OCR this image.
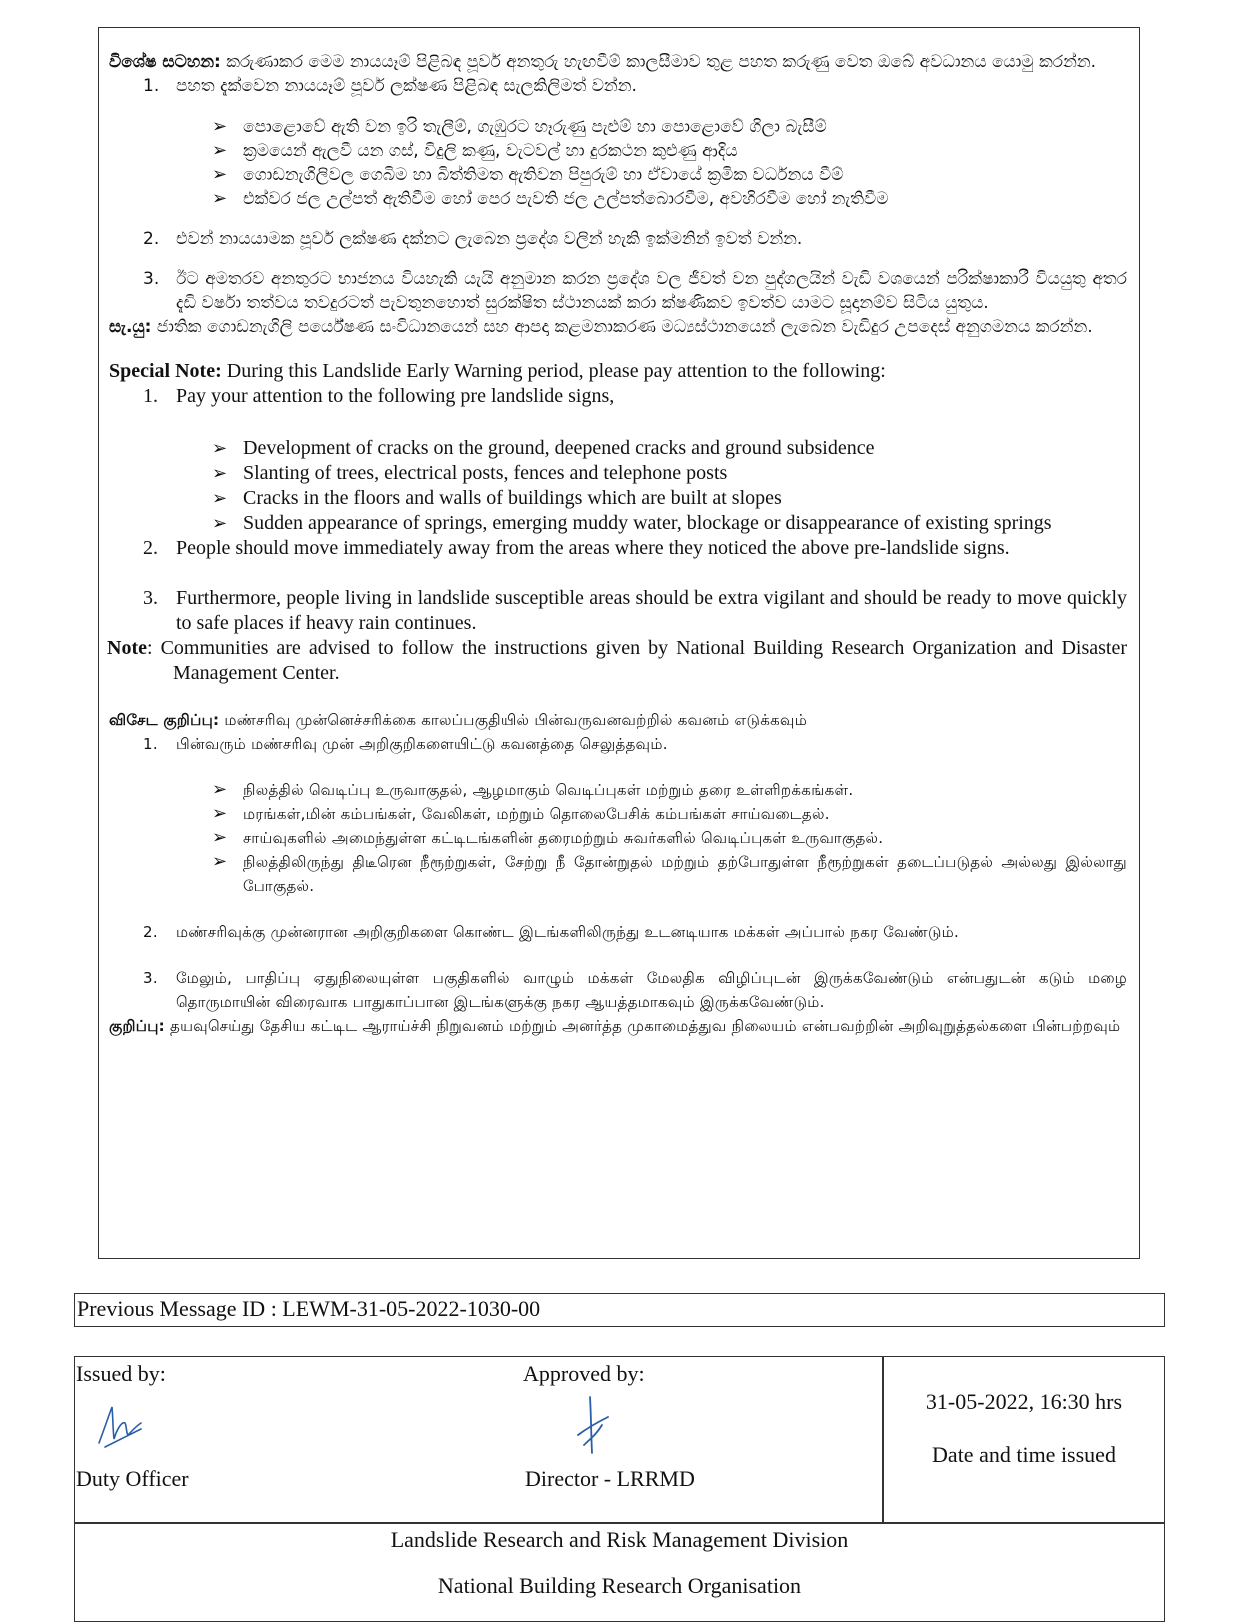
විශේෂ සටහන: කරුණාකර මෙම නායයෑම් පිළිබඳ පූර්ව අනතුරු හැඟවීම් කාලසීමාව තුළ පහත කරුණු වෙත ඔබේ අවධානය යොමු කරන්න.
1. පහත දැක්වෙන නායයෑම් පූර්ව ලක්ෂණ පිළිබඳ සැලකිලිමත් වන්න.
➢ පොළොවේ ඇති වන ඉරි තැලීම්, ගැඹුරට හෑරුණු පැළුම් හා පොළොවේ ගිලා බැසීම්
➢ ක්‍රමයෙන් ඇලවී යන ගස්, විදුලි කණු, වැටවල් හා දුරකථන කුළුණු ආදිය
➢ ගොඩනැගිලිවල ගෙබිම හා බිත්තිමත ඇතිවන පිපුරුම් හා ඒවායේ ක්‍රමික වර්ධනය වීම්
➢ එක්වර ජල උල්පත් ඇතිවීම හෝ පෙර පැවති ජල උල්පත්බොරවීම, අවහිරවීම හෝ නැතිවීම
2. එවන් නායයාමක පූර්ව ලක්ෂණ දක්නට ලැබෙන ප්‍රදේශ වලින් හැකි ඉක්මනින් ඉවත් වන්න.
3. ඊට අමතරව අනතුරට භාජනය වියහැකි යැයි අනුමාන කරන ප්‍රදේශ වල ජීවත් වන පුද්ගලයින් වැඩි වශයෙන් පරික්ෂාකාරී වියයුතු අතර දැඩි වර්ෂා තත්වය තවදුරටත් පැවතුනහොත් සුරක්ෂිත ස්ථානයක් කරා ක්ෂණිකව ඉවත්ව යාමට සූදානම්ව සිටිය යුතුය.
සැ.යු: ජාතික ගොඩනැගිලි පර්යේෂණ සංවිධානයෙන් සහ ආපදා කළමනාකරණ මධ්‍යස්ථානයෙන් ලැබෙන වැඩිදුර උපදෙස් අනුගමනය කරන්න.
Special Note: During this Landslide Early Warning period, please pay attention to the following:
1. Pay your attention to the following pre landslide signs,
➢ Development of cracks on the ground, deepened cracks and ground subsidence
➢ Slanting of trees, electrical posts, fences and telephone posts
➢ Cracks in the floors and walls of buildings which are built at slopes
➢ Sudden appearance of springs, emerging muddy water, blockage or disappearance of existing springs
2. People should move immediately away from the areas where they noticed the above pre-landslide signs.
3. Furthermore, people living in landslide susceptible areas should be extra vigilant and should be ready to move quickly to safe places if heavy rain continues.
Note: Communities are advised to follow the instructions given by National Building Research Organization and Disaster Management Center.
விசேட குறிப்பு: மண்சரிவு முன்னெச்சரிக்கை காலப்பகுதியில் பின்வருவனவற்றில் கவனம் எடுக்கவும்
1.	பின்வரும் மண்சரிவு முன் அறிகுறிகளையிட்டு கவனத்தை செலுத்தவும்.
➢	நிலத்தில் வெடிப்பு உருவாகுதல், ஆழமாகும் வெடிப்புகள் மற்றும் தரை உள்ளிறக்கங்கள்.
➢	மரங்கள்,மின் கம்பங்கள், வேலிகள், மற்றும் தொலைபேசிக் கம்பங்கள் சாய்வடைதல்.
➢	சாய்வுகளில் அமைந்துள்ள கட்டிடங்களின் தரைமற்றும் சுவர்களில் வெடிப்புகள் உருவாகுதல்.
➢	நிலத்திலிருந்து திடீரென நீரூற்றுகள், சேற்று நீ தோன்றுதல் மற்றும் தற்போதுள்ள நீரூற்றுகள் தடைப்படுதல் அல்லது இல்லாது போகுதல்.
2.	மண்சரிவுக்கு முன்னரான அறிகுறிகளை கொண்ட இடங்களிலிருந்து உடனடியாக மக்கள் அப்பால் நகர வேண்டும்.
3.	மேலும், பாதிப்பு ஏதுநிலையுள்ள பகுதிகளில் வாழும் மக்கள் மேலதிக விழிப்புடன் இருக்கவேண்டும் என்பதுடன் கடும் மழை தொருமாயின் விரைவாக பாதுகாப்பான இடங்களுக்கு நகர ஆயத்தமாகவும் இருக்கவேண்டும்.
குறிப்பு: தயவுசெய்து தேசிய கட்டிட ஆராய்ச்சி நிறுவனம் மற்றும் அனர்த்த முகாமைத்துவ நிலையம் என்பவற்றின் அறிவுறுத்தல்களை பின்பற்றவும்
Previous Message ID : LEWM-31-05-2022-1030-00
Issued by:
Duty Officer
Approved by:
Director - LRRMD
31-05-2022, 16:30 hrs
Date and time issued
Landslide Research and Risk Management Division
National Building Research Organisation
